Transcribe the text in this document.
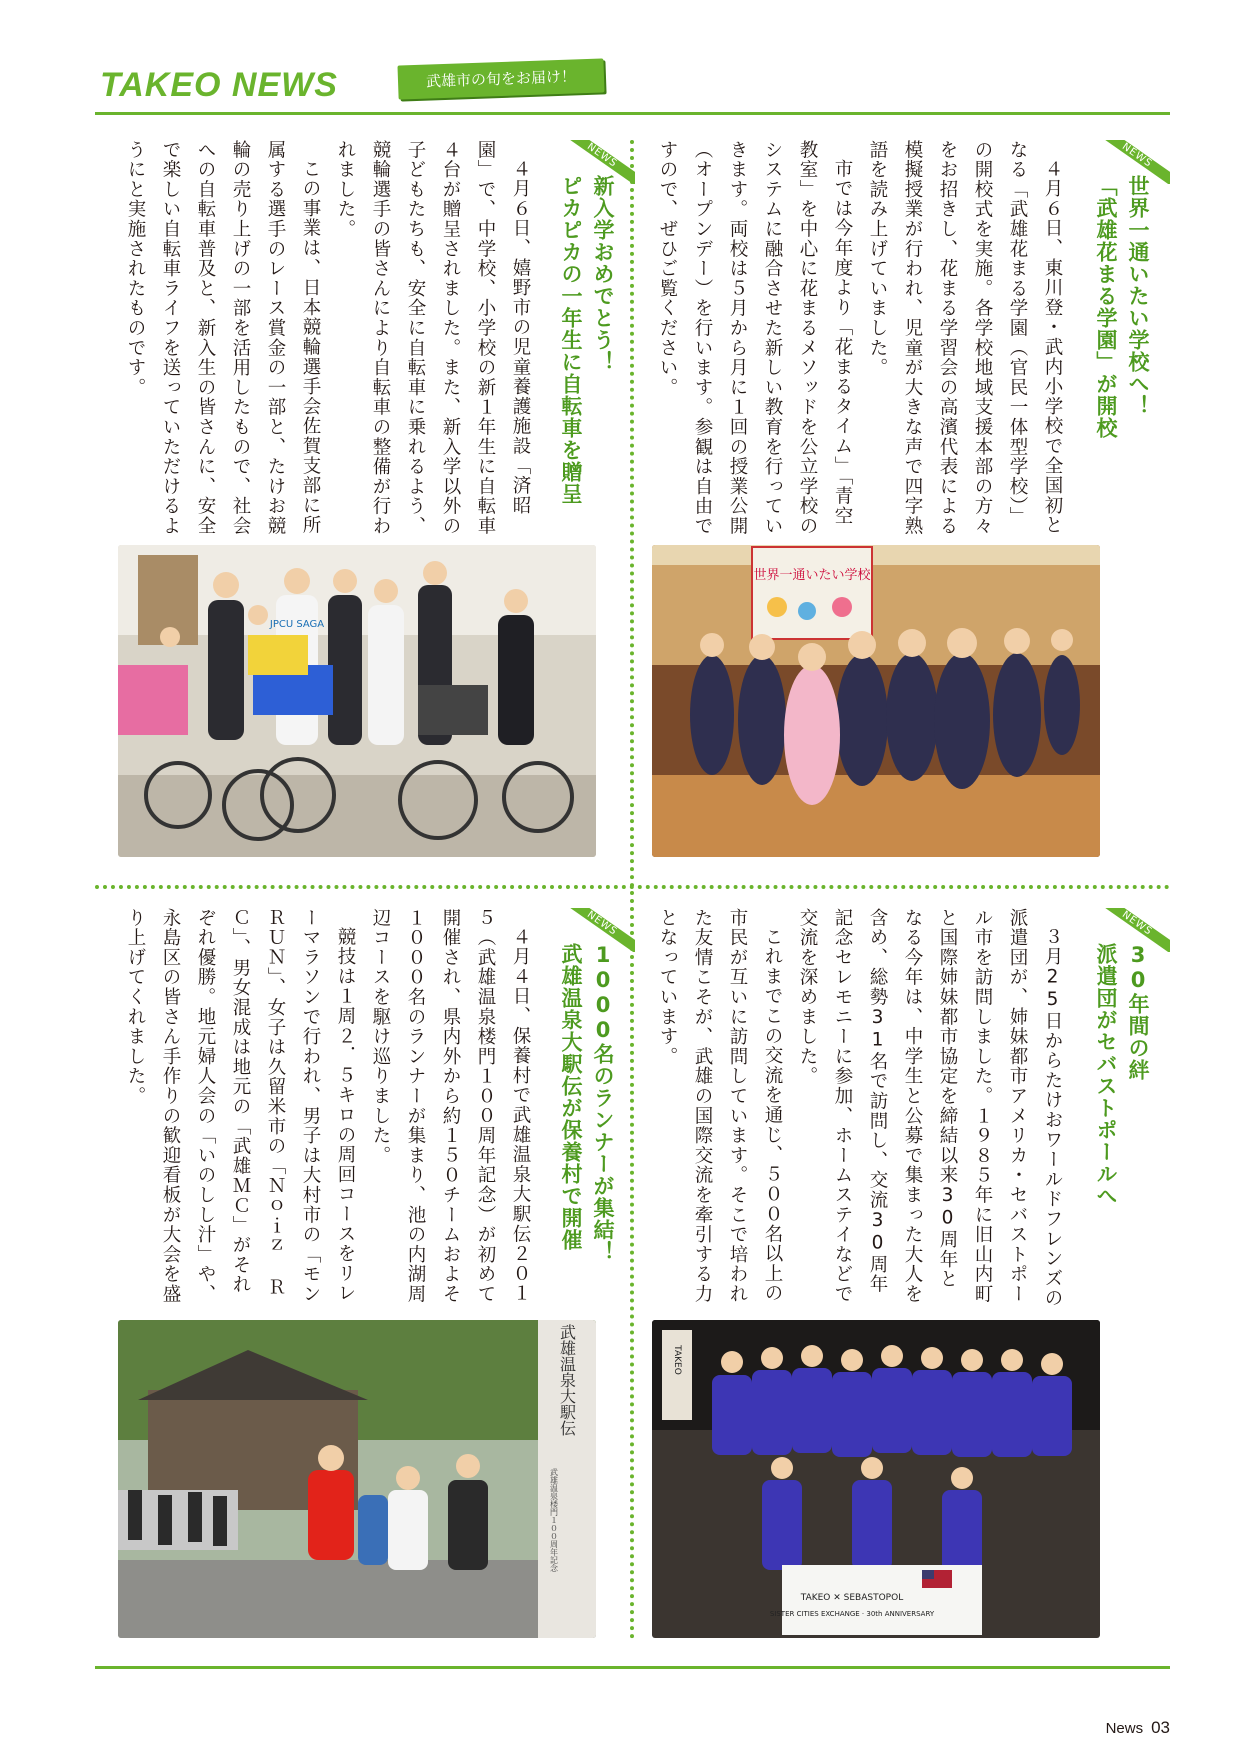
TAKEO NEWS	武雄市の旬をお届け！
NEWS
世界一通いたい学校へ！
「武雄花まる学園」が開校

４月６日、東川登・武内小学校で全国初となる「武雄花まる学園（官民一体型学校）」の開校式を実施。各学校地域支援本部の方々をお招きし、花まる学習会の高濱代表による模擬授業が行われ、児童が大きな声で四字熟語を読み上げていました。

市では今年度より「花まるタイム」「青空教室」を中心に花まるメソッドを公立学校のシステムに融合させた新しい教育を行っていきます。両校は５月から月に１回の授業公開（オープンデー）を行います。参観は自由ですので、ぜひご覧ください。

世界一通いたい学校
NEWS
新入学おめでとう！
ピカピカの一年生に自転車を贈呈

４月６日、嬉野市の児童養護施設「済昭園」で、中学校、小学校の新１年生に自転車４台が贈呈されました。また、新入学以外の子どもたちも、安全に自転車に乗れるよう、競輪選手の皆さんにより自転車の整備が行われました。

この事業は、日本競輪選手会佐賀支部に所属する選手のレース賞金の一部と、たけお競輪の売り上げの一部を活用したもので、社会への自転車普及と、新入生の皆さんに、安全で楽しい自転車ライフを送っていただけるようにと実施されたものです。

JPCU SAGA
NEWS
30年間の絆
派遣団がセバストポールへ

３月25日からたけおワールドフレンズの派遣団が、姉妹都市アメリカ・セバストポール市を訪問しました。１９８５年に旧山内町と国際姉妹都市協定を締結以来30周年となる今年は、中学生と公募で集まった大人を含め、総勢31名で訪問し、交流30周年記念セレモニーに参加、ホームステイなどで交流を深めました。

これまでこの交流を通じ、５００名以上の市民が互いに訪問しています。そこで培われた友情こそが、武雄の国際交流を牽引する力となっています。

TAKEO
TAKEO ✕ SEBASTOPOL
SISTER CITIES EXCHANGE · 30th ANNIVERSARY
NEWS
1000名のランナーが集結！
武雄温泉大駅伝が保養村で開催

４月４日、保養村で武雄温泉大駅伝２０１５（武雄温泉楼門１００周年記念）が初めて開催され、県内外から約１５０チームおよそ１０００名のランナーが集まり、池の内湖周辺コースを駆け巡りました。

競技は１周２．５キロの周回コースをリレーマラソンで行われ、男子は大村市の「モンＲＵＮ」、女子は久留米市の「Ｎｏｉｚ ＲＣ」、男女混成は地元の「武雄ＭＣ」がそれぞれ優勝。地元婦人会の「いのしし汁」や、永島区の皆さん手作りの歓迎看板が大会を盛り上げてくれました。

武雄温泉大駅伝
武雄温泉楼門１００周年記念
News 03
